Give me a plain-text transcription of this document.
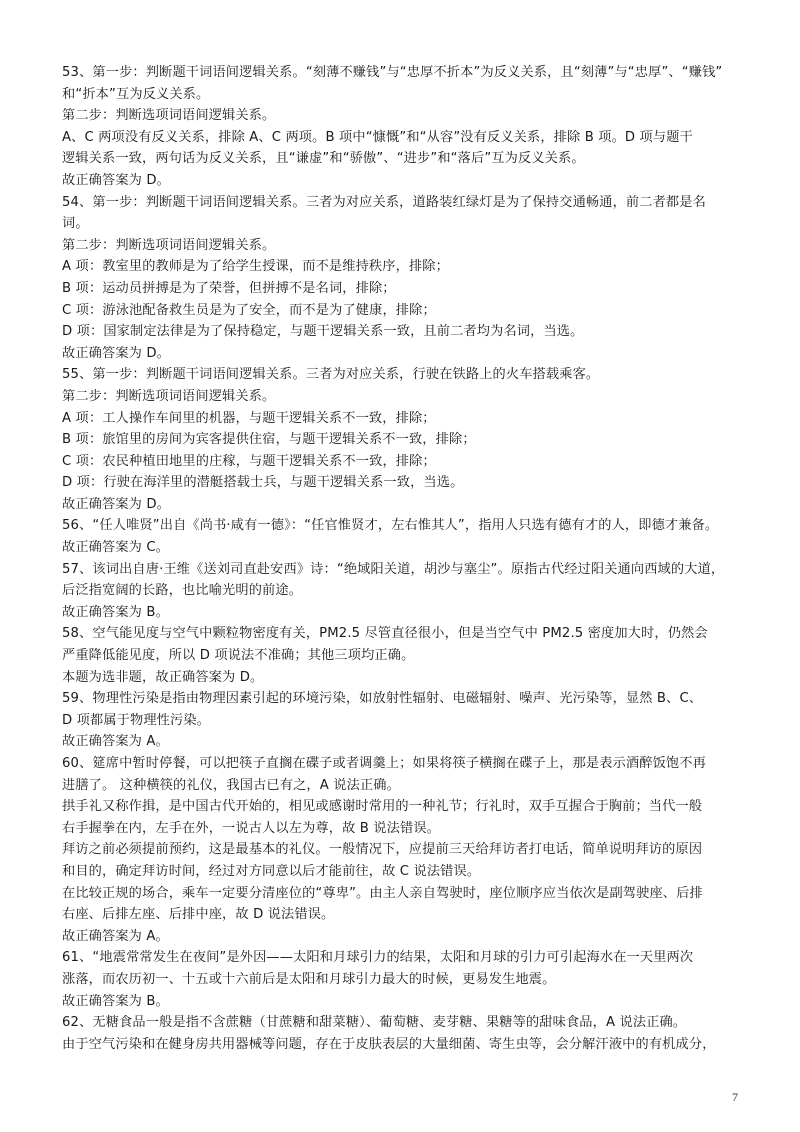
53、第一步：判断题干词语间逻辑关系。“刻薄不赚钱”与“忠厚不折本”为反义关系，且“刻薄”与“忠厚”、“赚钱”
和“折本”互为反义关系。
第二步：判断选项词语间逻辑关系。
A、C 两项没有反义关系，排除 A、C 两项。B 项中“慷慨”和“从容”没有反义关系，排除 B 项。D 项与题干
逻辑关系一致，两句话为反义关系，且“谦虚”和“骄傲”、“进步”和“落后”互为反义关系。
故正确答案为 D。
54、第一步：判断题干词语间逻辑关系。三者为对应关系，道路装红绿灯是为了保持交通畅通，前二者都是名
词。
第二步：判断选项词语间逻辑关系。
A 项：教室里的教师是为了给学生授课，而不是维持秩序，排除；
B 项：运动员拼搏是为了荣誉，但拼搏不是名词，排除；
C 项：游泳池配备救生员是为了安全，而不是为了健康，排除；
D 项：国家制定法律是为了保持稳定，与题干逻辑关系一致，且前二者均为名词，当选。
故正确答案为 D。
55、第一步：判断题干词语间逻辑关系。三者为对应关系，行驶在铁路上的火车搭载乘客。
第二步：判断选项词语间逻辑关系。
A 项：工人操作车间里的机器，与题干逻辑关系不一致，排除；
B 项：旅馆里的房间为宾客提供住宿，与题干逻辑关系不一致，排除；
C 项：农民种植田地里的庄稼，与题干逻辑关系不一致，排除；
D 项：行驶在海洋里的潜艇搭载士兵，与题干逻辑关系一致，当选。
故正确答案为 D。
56、“任人唯贤”出自《尚书·咸有一德》：“任官惟贤才，左右惟其人”，指用人只选有德有才的人，即德才兼备。
故正确答案为 C。
57、该词出自唐·王维《送刘司直赴安西》诗：“绝域阳关道，胡沙与塞尘”。原指古代经过阳关通向西域的大道，
后泛指宽阔的长路，也比喻光明的前途。
故正确答案为 B。
58、空气能见度与空气中颗粒物密度有关，PM2.5 尽管直径很小，但是当空气中 PM2.5 密度加大时，仍然会
严重降低能见度，所以 D 项说法不准确；其他三项均正确。
本题为选非题，故正确答案为 D。
59、物理性污染是指由物理因素引起的环境污染，如放射性辐射、电磁辐射、噪声、光污染等，显然 B、C、
D 项都属于物理性污染。
故正确答案为 A。
60、筵席中暂时停餐，可以把筷子直搁在碟子或者调羹上；如果将筷子横搁在碟子上，那是表示酒醉饭饱不再
进膳了。 这种横筷的礼仪，我国古已有之，A 说法正确。
拱手礼又称作揖，是中国古代开始的，相见或感谢时常用的一种礼节；行礼时，双手互握合于胸前；当代一般
右手握拳在内，左手在外，一说古人以左为尊，故 B 说法错误。
拜访之前必须提前预约，这是最基本的礼仪。一般情况下，应提前三天给拜访者打电话，简单说明拜访的原因
和目的，确定拜访时间，经过对方同意以后才能前往，故 C 说法错误。
在比较正规的场合，乘车一定要分清座位的“尊卑”。由主人亲自驾驶时，座位顺序应当依次是副驾驶座、后排
右座、后排左座、后排中座，故 D 说法错误。
故正确答案为 A。
61、“地震常常发生在夜间”是外因——太阳和月球引力的结果，太阳和月球的引力可引起海水在一天里两次
涨落，而农历初一、十五或十六前后是太阳和月球引力最大的时候，更易发生地震。
故正确答案为 B。
62、无糖食品一般是指不含蔗糖（甘蔗糖和甜菜糖）、葡萄糖、麦芽糖、果糖等的甜味食品，A 说法正确。
由于空气污染和在健身房共用器械等问题，存在于皮肤表层的大量细菌、寄生虫等，会分解汗液中的有机成分，
7
